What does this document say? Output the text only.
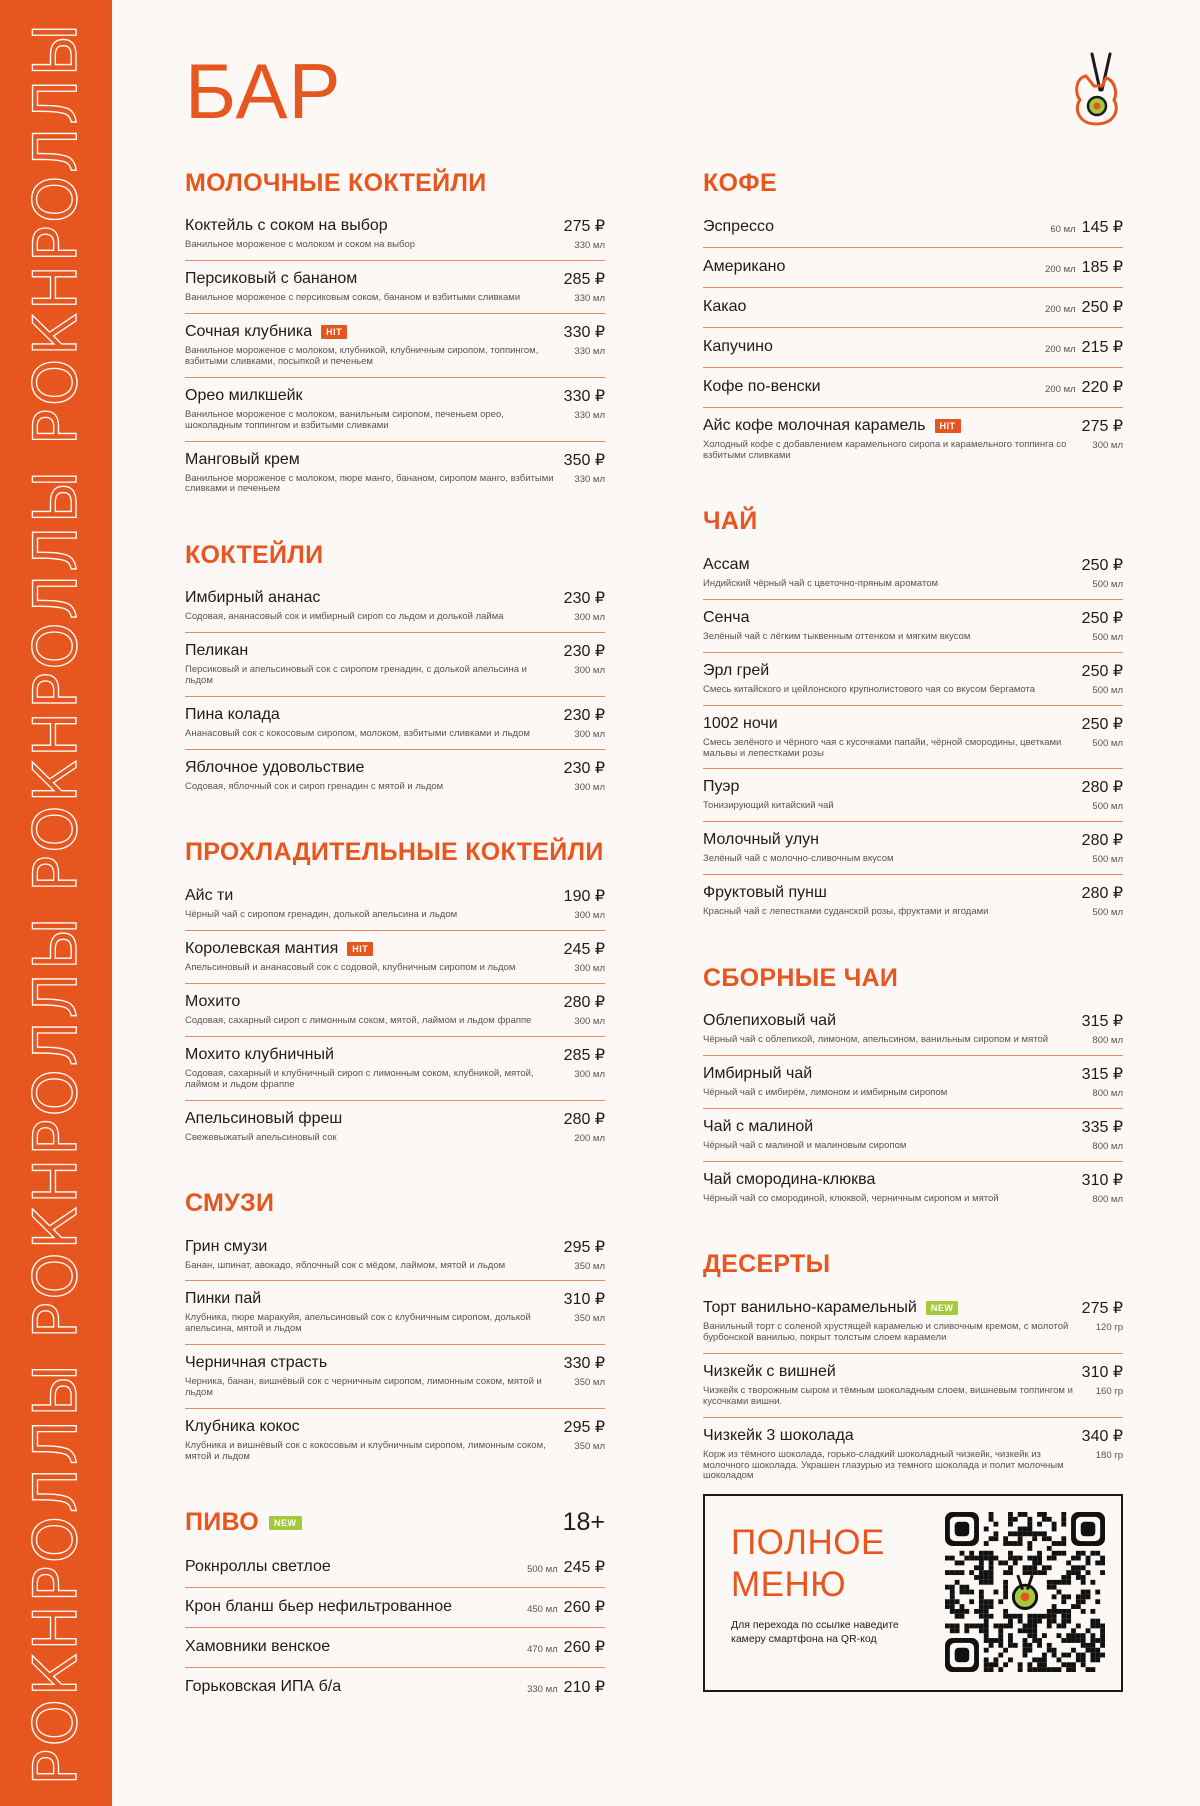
РОКНРОЛЛЫ РОКНРОЛЛЫ РОКНРОЛЛЫ РОКНРОЛЛЫ БАР
МОЛОЧНЫЕ КОКТЕЙЛИ
Коктейль с соком на выбор	275 ₽
Ванильное мороженое с молоком и соком на выбор	330 мл
Персиковый с бананом	285 ₽
Ванильное мороженое с персиковым соком, бананом и взбитыми сливками	330 мл
Сочная клубника	HIT	330 ₽
Ванильное мороженое с молоком, клубникой, клубничным сиропом, топпингом, взбитыми сливками, посыпкой и печеньем
330 мл
Орео милкшейк	330 ₽
Ванильное мороженое с молоком, ванильным сиропом, печеньем орео, шоколадным топпингом и взбитыми сливками
330 мл
Манговый крем	350 ₽
Ванильное мороженое с молоком, пюре манго, бананом, сиропом манго, взбитыми сливками и печеньем
330 мл
КОКТЕЙЛИ
Имбирный ананас	230 ₽
Содовая, ананасовый сок и имбирный сироп со льдом и долькой лайма	300 мл
Пеликан	230 ₽
Персиковый и апельсиновый сок с сиропом гренадин, с долькой апельсина и льдом
300 мл
Пина колада	230 ₽
Ананасовый сок с кокосовым сиропом, молоком, взбитыми сливками и льдом	300 мл
Яблочное удовольствие	230 ₽
Содовая, яблочный сок и сироп гренадин с мятой и льдом	300 мл
ПРОХЛАДИТЕЛЬНЫЕ КОКТЕЙЛИ
Айс ти	190 ₽
Чёрный чай с сиропом гренадин, долькой апельсина и льдом	300 мл
Королевская мантия	HIT	245 ₽
Апельсиновый и ананасовый сок с содовой, клубничным сиропом и льдом	300 мл
Мохито	280 ₽
Содовая, сахарный сироп с лимонным соком, мятой, лаймом и льдом фраппе	300 мл
Мохито клубничный	285 ₽
Содовая, сахарный и клубничный сироп с лимонным соком, клубникой, мятой, лаймом и льдом фраппе
300 мл
Апельсиновый фреш	280 ₽
Свежевыжатый апельсиновый сок	200 мл
СМУЗИ
Грин смузи	295 ₽
Банан, шпинат, авокадо, яблочный сок с мёдом, лаймом, мятой и льдом	350 мл
Пинки пай	310 ₽
Клубника, пюре маракуйя, апельсиновый сок с клубничным сиропом, долькой апельсина, мятой и льдом
350 мл
Черничная страсть	330 ₽
Черника, банан, вишнёвый сок с черничным сиропом, лимонным соком, мятой и льдом
350 мл
Клубника кокос	295 ₽
Клубника и вишнёвый сок с кокосовым и клубничным сиропом, лимонным соком, мятой и льдом
350 мл
ПИВО	NEW	18+
Рокнроллы светлое	500 мл 245 ₽
Крон бланш бьер нефильтрованное	450 мл 260 ₽
Хамовники венское	470 мл 260 ₽
Горьковская ИПА б/а	330 мл 210 ₽
КОФЕ
Эспрессо	60 мл 145 ₽
Американо	200 мл 185 ₽
Какао	200 мл 250 ₽
Капучино	200 мл 215 ₽
Кофе по-венски	200 мл 220 ₽
Айс кофе молочная карамель	HIT	275 ₽
Холодный кофе с добавлением карамельного сиропа и карамельного топпинга со взбитыми сливками
300 мл
ЧАЙ
Ассам	250 ₽
Индийский чёрный чай с цветочно-пряным ароматом	500 мл
Сенча	250 ₽
Зелёный чай с лёгким тыквенным оттенком и мягким вкусом	500 мл
Эрл грей	250 ₽
Смесь китайского и цейлонского крупнолистового чая со вкусом бергамота	500 мл
1002 ночи	250 ₽
Смесь зелёного и чёрного чая с кусочками папайи, чёрной смородины, цветками мальвы и лепестками розы
500 мл
Пуэр	280 ₽
Тонизирующий китайский чай	500 мл
Молочный улун	280 ₽
Зелёный чай с молочно-сливочным вкусом	500 мл
Фруктовый пунш	280 ₽
Красный чай с лепестками суданской розы, фруктами и ягодами	500 мл
СБОРНЫЕ ЧАИ
Облепиховый чай	315 ₽
Чёрный чай с облепихой, лимоном, апельсином, ванильным сиропом и мятой	800 мл
Имбирный чай	315 ₽
Чёрный чай с имбирём, лимоном и имбирным сиропом	800 мл
Чай с малиной	335 ₽
Чёрный чай с малиной и малиновым сиропом	800 мл
Чай смородина-клюква	310 ₽
Чёрный чай со смородиной, клюквой, черничным сиропом и мятой	800 мл
ДЕСЕРТЫ
Торт ванильно-карамельный	NEW	275 ₽
Ванильный торт с соленой хрустящей карамелью и сливочным кремом, с молотой бурбонской ванилью, покрыт толстым слоем карамели
120 гр
Чизкейк с вишней	310 ₽
Чизкейк с творожным сыром и тёмным шоколадным слоем, вишневым топпингом и кусочками вишни.
160 гр
Чизкейк 3 шоколада	340 ₽
Корж из тёмного шоколада, горько-сладкий шоколадный чизкейк, чизкейк из молочного шоколада. Украшен глазурью из темного шоколада и полит молочным шоколадом
180 гр
ПОЛНОЕ МЕНЮ
Для перехода по ссылке наведите камеру смартфона на QR-код
